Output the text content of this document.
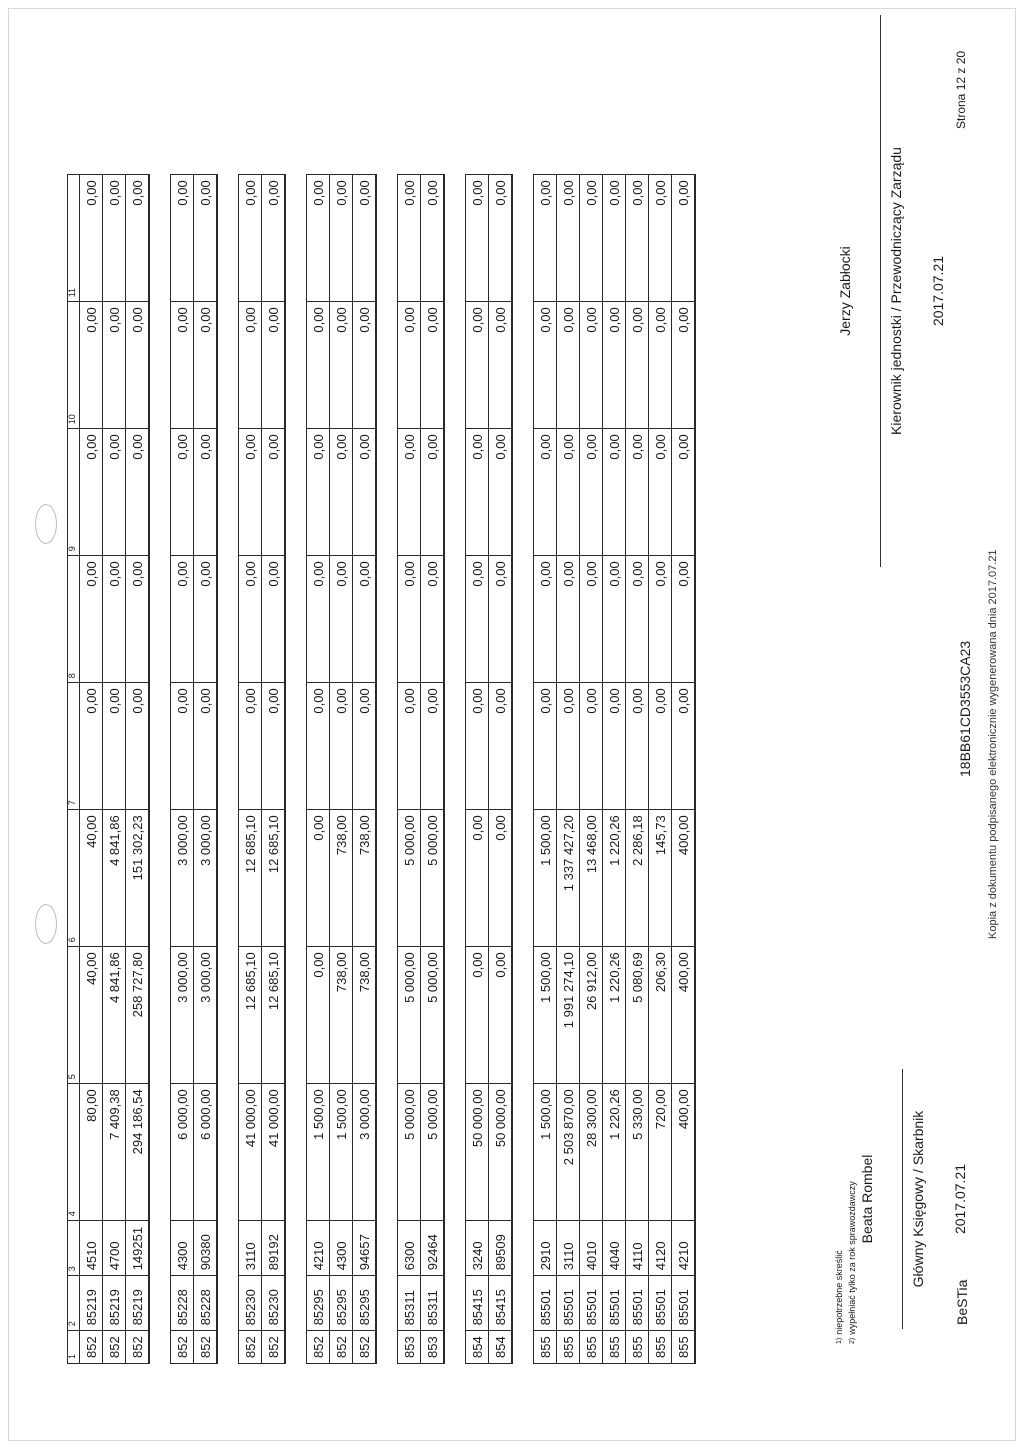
1	2	3	4	5	6	7	8	9	10	11
852	85219	4510	80,00	40,00	40,00	0,00	0,00	0,00	0,00	0,00
852	85219	4700	7 409,38	4 841,86	4 841,86	0,00	0,00	0,00	0,00	0,00
852	85219	149251	294 186,54	258 727,80	151 302,23	0,00	0,00	0,00	0,00	0,00

852	85228	4300	6 000,00	3 000,00	3 000,00	0,00	0,00	0,00	0,00	0,00
852	85228	90380	6 000,00	3 000,00	3 000,00	0,00	0,00	0,00	0,00	0,00

852	85230	3110	41 000,00	12 685,10	12 685,10	0,00	0,00	0,00	0,00	0,00
852	85230	89192	41 000,00	12 685,10	12 685,10	0,00	0,00	0,00	0,00	0,00

852	85295	4210	1 500,00	0,00	0,00	0,00	0,00	0,00	0,00	0,00
852	85295	4300	1 500,00	738,00	738,00	0,00	0,00	0,00	0,00	0,00
852	85295	94657	3 000,00	738,00	738,00	0,00	0,00	0,00	0,00	0,00

853	85311	6300	5 000,00	5 000,00	5 000,00	0,00	0,00	0,00	0,00	0,00
853	85311	92464	5 000,00	5 000,00	5 000,00	0,00	0,00	0,00	0,00	0,00

854	85415	3240	50 000,00	0,00	0,00	0,00	0,00	0,00	0,00	0,00
854	85415	89509	50 000,00	0,00	0,00	0,00	0,00	0,00	0,00	0,00

855	85501	2910	1 500,00	1 500,00	1 500,00	0,00	0,00	0,00	0,00	0,00
855	85501	3110	2 503 870,00	1 991 274,10	1 337 427,20	0,00	0,00	0,00	0,00	0,00
855	85501	4010	28 300,00	26 912,00	13 468,00	0,00	0,00	0,00	0,00	0,00
855	85501	4040	1 220,26	1 220,26	1 220,26	0,00	0,00	0,00	0,00	0,00
855	85501	4110	5 330,00	5 080,69	2 286,18	0,00	0,00	0,00	0,00	0,00
855	85501	4120	720,00	206,30	145,73	0,00	0,00	0,00	0,00	0,00
855	85501	4210	400,00	400,00	400,00	0,00	0,00	0,00	0,00	0,00
$^{1)}$niepotrzebne skreślić
$^{2)}$wypełniać tylko za rok sprawozdawczy Beata Rombel	Główny Księgowy / Skarbnik 2017.07.21
Jerzy Zabłocki	Kierownik jednostki / Przewodniczący Zarządu 2017.07.21
BeSTia
18BB61CD3553CA23 Kopia z dokumentu podpisanego elektronicznie wygenerowana dnia 2017.07.21
Strona 12 z 20
